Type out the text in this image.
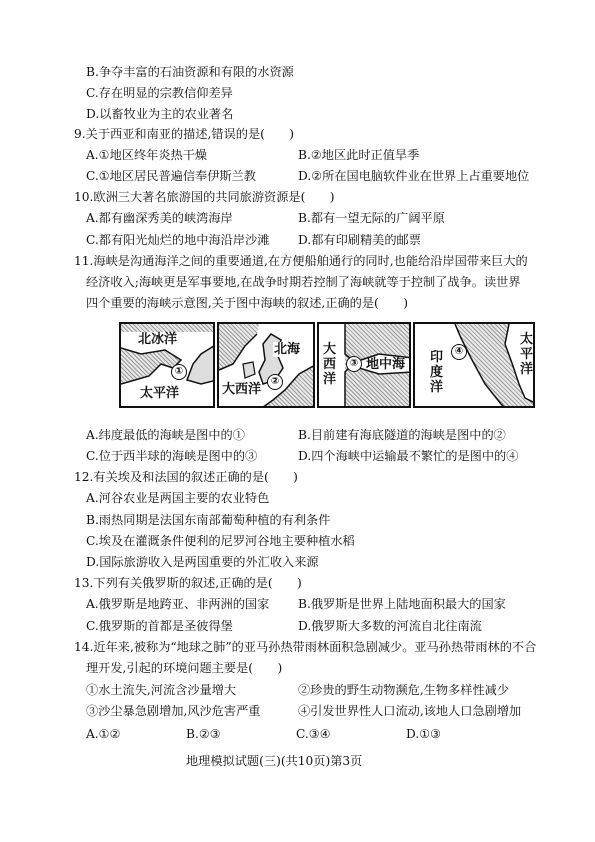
B.争夺丰富的石油资源和有限的水资源
C.存在明显的宗教信仰差异
D.以畜牧业为主的农业著名
9.关于西亚和南亚的描述,错误的是(　　)
A.①地区终年炎热干燥	B.②地区此时正值旱季
C.①地区居民普遍信奉伊斯兰教	D.②所在国电脑软件业在世界上占重要地位
10.欧洲三大著名旅游国的共同旅游资源是(　　)
A.都有幽深秀美的峡湾海岸	B.都有一望无际的广阔平原
C.都有阳光灿烂的地中海沿岸沙滩 D.都有印刷精美的邮票
11.海峡是沟通海洋之间的重要通道,在方便船舶通行的同时,也能给沿岸国带来巨大的
经济收入;海峡更是军事要地,在战争时期若控制了海峡就等于控制了战争。读世界
四个重要的海峡示意图,关于图中海峡的叙述,正确的是(　　)
北冰洋
太平洋
①
北海
大西洋
②
大西洋
地中海
③	印度洋
太平洋
④
A.纬度最低的海峡是图中的①	B.目前建有海底隧道的海峡是图中的②
C.位于西半球的海峡是图中的③	D.四个海峡中运输最不繁忙的是图中的④
12.有关埃及和法国的叙述正确的是(　　)
A.河谷农业是两国主要的农业特色
B.雨热同期是法国东南部葡萄种植的有利条件
C.埃及在灌溉条件便利的尼罗河谷地主要种植水稻
D.国际旅游收入是两国重要的外汇收入来源
13.下列有关俄罗斯的叙述,正确的是(　　)
A.俄罗斯是地跨亚、非两洲的国家 B.俄罗斯是世界上陆地面积最大的国家
C.俄罗斯的首都是圣彼得堡	D.俄罗斯大多数的河流自北往南流
14.近年来,被称为“地球之肺”的亚马孙热带雨林面积急剧减少。亚马孙热带雨林的不合
理开发,引起的环境问题主要是(　　)
①水土流失,河流含沙量增大	②珍贵的野生动物濒危,生物多样性减少
③沙尘暴急剧增加,风沙危害严重	④引发世界性人口流动,该地人口急剧增加
A.①②	B.②③	C.③④	D.①③
地理模拟试题(三)(共10页)第3页
